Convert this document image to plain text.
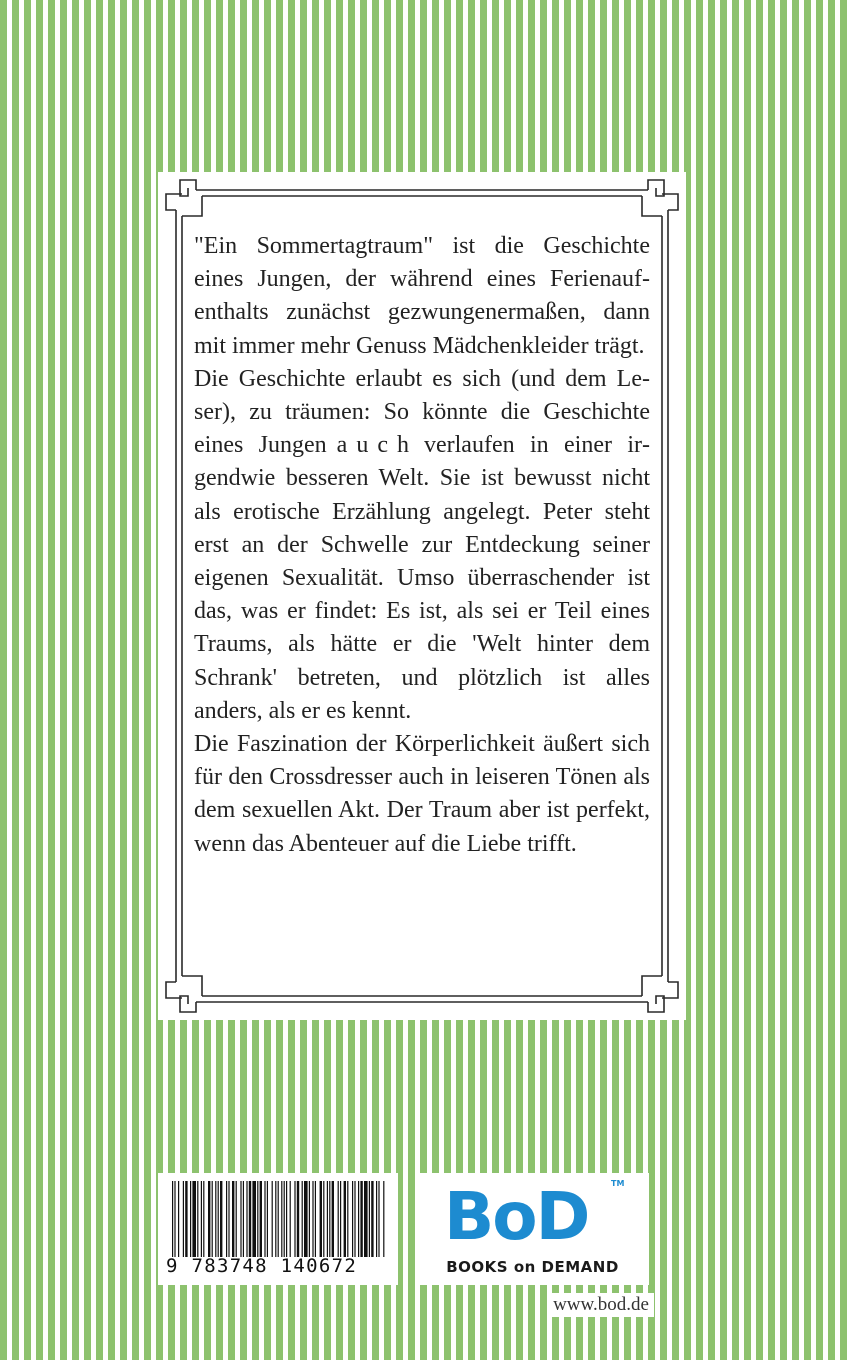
"Ein Sommertagtraum" ist die Geschichte eines Jungen, der während eines Ferienaufenthalts zunächst gezwungenermaßen, dann mit immer mehr Genuss Mädchenkleider trägt.

Die Geschichte erlaubt es sich (und dem Leser), zu träumen: So könnte die Geschichte eines Jungen auch verlaufen in einer irgendwie besseren Welt. Sie ist bewusst nicht als erotische Erzählung angelegt. Peter steht erst an der Schwelle zur Entdeckung seiner eigenen Sexualität. Umso überraschender ist das, was er findet: Es ist, als sei er Teil eines Traums, als hätte er die 'Welt hinter dem Schrank' betreten, und plötzlich ist alles anders, als er es kennt.

Die Faszination der Körperlichkeit äußert sich für den Crossdresser auch in leiseren Tönen als dem sexuellen Akt. Der Traum aber ist perfekt, wenn das Abenteuer auf die Liebe trifft.

9 783748 140672
BoD	TM
BOOKS on DEMAND
www.bod.de
